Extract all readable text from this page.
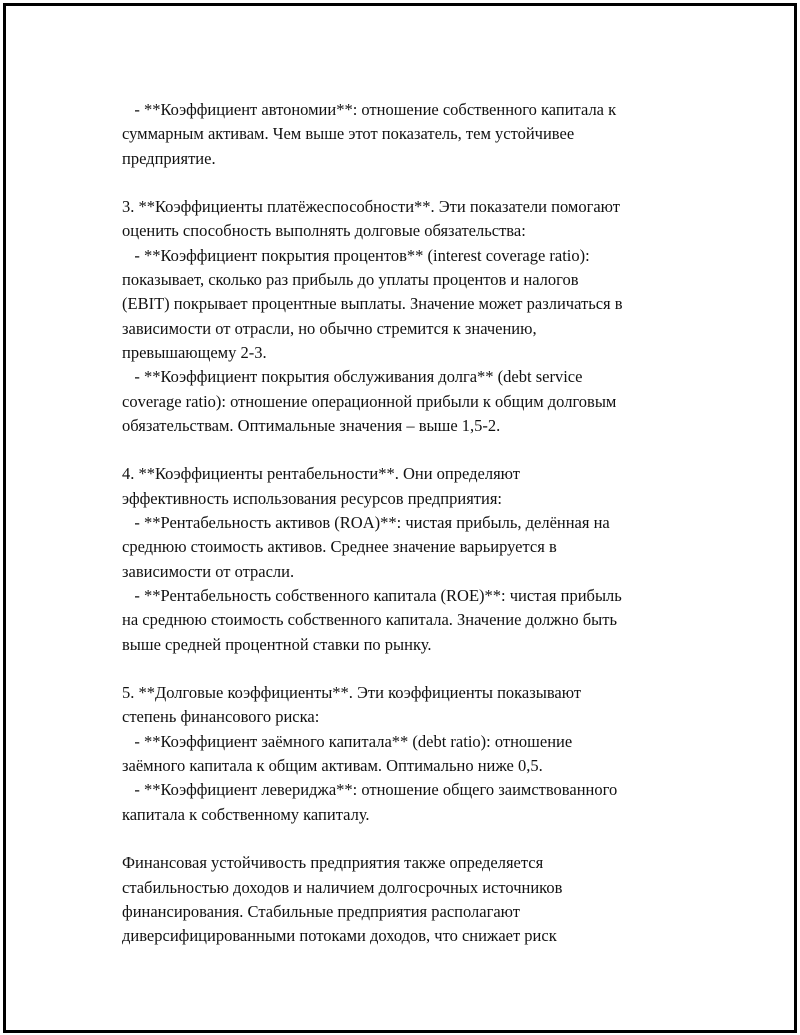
- **Коэффициент автономии**: отношение собственного капитала к
суммарным активам. Чем выше этот показатель, тем устойчивее
предприятие.
3. **Коэффициенты платёжеспособности**. Эти показатели помогают
оценить способность выполнять долговые обязательства:
- **Коэффициент покрытия процентов** (interest coverage ratio):
показывает, сколько раз прибыль до уплаты процентов и налогов
(EBIT) покрывает процентные выплаты. Значение может различаться в
зависимости от отрасли, но обычно стремится к значению,
превышающему 2-3.
- **Коэффициент покрытия обслуживания долга** (debt service
coverage ratio): отношение операционной прибыли к общим долговым
обязательствам. Оптимальные значения – выше 1,5-2.
4. **Коэффициенты рентабельности**. Они определяют
эффективность использования ресурсов предприятия:
- **Рентабельность активов (ROA)**: чистая прибыль, делённая на
среднюю стоимость активов. Среднее значение варьируется в
зависимости от отрасли.
- **Рентабельность собственного капитала (ROE)**: чистая прибыль
на среднюю стоимость собственного капитала. Значение должно быть
выше средней процентной ставки по рынку.
5. **Долговые коэффициенты**. Эти коэффициенты показывают
степень финансового риска:
- **Коэффициент заёмного капитала** (debt ratio): отношение
заёмного капитала к общим активам. Оптимально ниже 0,5.
- **Коэффициент левериджа**: отношение общего заимствованного
капитала к собственному капиталу.
Финансовая устойчивость предприятия также определяется
стабильностью доходов и наличием долгосрочных источников
финансирования. Стабильные предприятия располагают
диверсифицированными потоками доходов, что снижает риск
